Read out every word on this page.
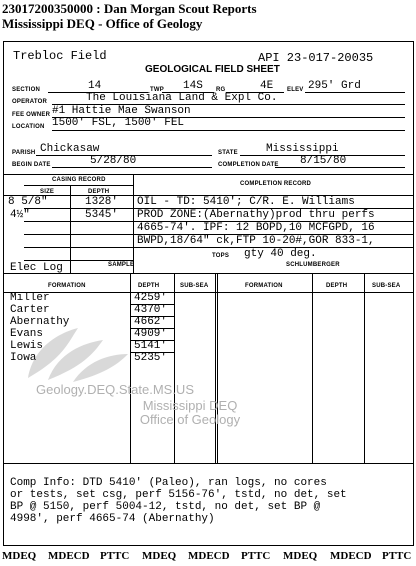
23017200350000 : Dan Morgan Scout Reports
Mississippi DEQ - Office of Geology
Trebloc Field	API 23-017-20035
GEOLOGICAL FIELD SHEET
SECTION	14	TWP 14S RG	4E ELEV 295' Grd
OPERATOR	The Louisiana Land & Expl Co.
FEE OWNER #1 Hattie Mae Swanson
LOCATION 1500' FSL, 1500' FEL
PARISH Chickasaw	STATE	Mississippi
BEGIN DATE	5/28/80	COMPLETION DATE 8/15/80
CASING RECORD
COMPLETION RECORD
SIZE	DEPTH
8 5/8"	1328'
4½"	5345'
OIL - TD: 5410'; C/R. E. Williams
PROD ZONE:(Abernathy)prod thru perfs
4665-74'. IPF: 12 BOPD,10 MCFGPD, 16
BWPD,18/64" ck,FTP 10-20#,GOR 833-1,
TOPS gty 40 deg.
Elec Log	SAMPLE	SCHLUMBERGER
FORMATION	DEPTH	SUB-SEA	FORMATION	DEPTH	SUB-SEA
Miller	4259'
Carter	4370'
Abernathy	4662'
Evans	4909'
Lewis	5141'
Iowa	5235'
Geology.DEQ.State.MS.US
Mississippi DEQ
Office of Geology
Comp Info: DTD 5410' (Paleo), ran logs, no cores
or tests, set csg, perf 5156-76', tstd, no det, set
BP @ 5150, perf 5004-12, tstd, no det, set BP @
4998', perf 4665-74 (Abernathy)
MDEQ MDECD PTTC MDEQ MDECD PTTC MDEQ MDECD PTTC
